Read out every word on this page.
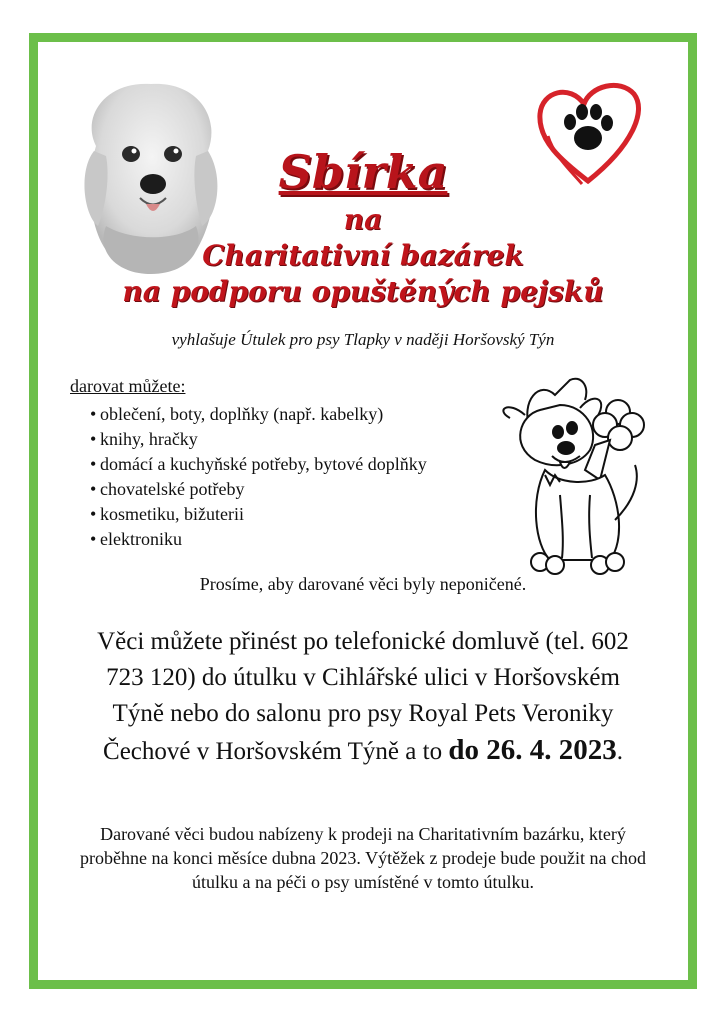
Sbírka
na
Charitativní bazárek
na podporu opuštěných pejsků
vyhlašuje Útulek pro psy Tlapky v naději Horšovský Týn
darovat můžete:
• oblečení, boty, doplňky (např. kabelky)
• knihy, hračky
• domácí a kuchyňské potřeby, bytové doplňky
• chovatelské potřeby
• kosmetiku, bižuterii
• elektroniku
Prosíme, aby darované věci byly neponičené.
Věci můžete přinést po telefonické domluvě (tel. 602 723 120) do útulku v Cihlářské ulici v Horšovském Týně nebo do salonu pro psy Royal Pets Veroniky Čechové v Horšovském Týně a to do 26. 4. 2023.
Darované věci budou nabízeny k prodeji na Charitativním bazárku, který proběhne na konci měsíce dubna 2023. Výtěžek z prodeje bude použit na chod útulku a na péči o psy umístěné v tomto útulku.
